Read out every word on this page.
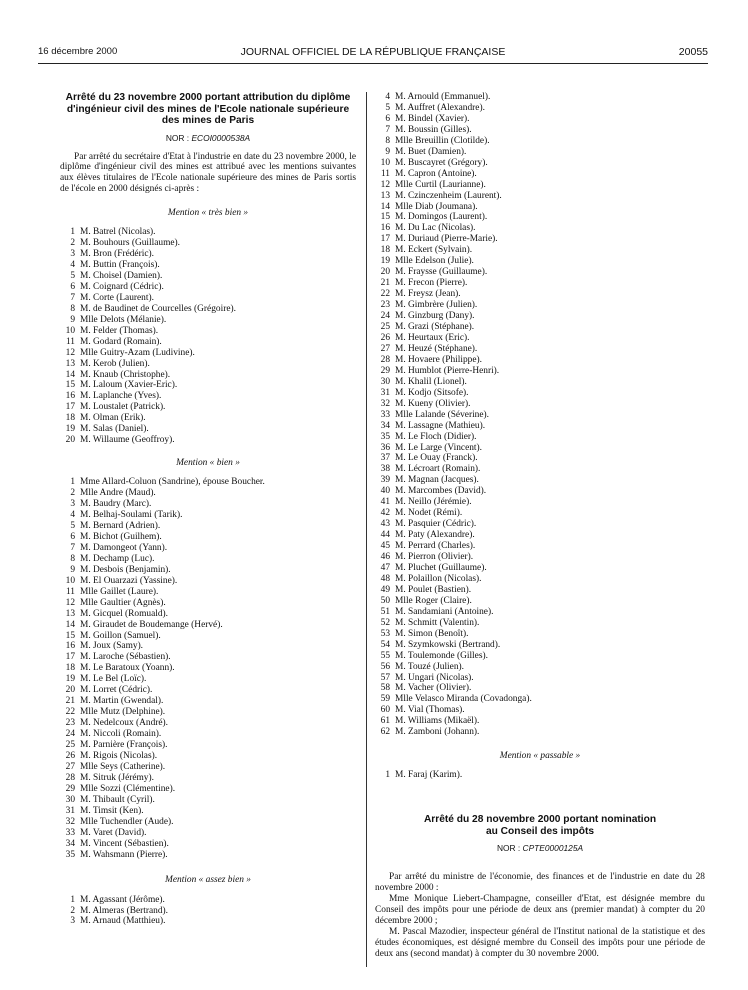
16 décembre 2000	JOURNAL OFFICIEL DE LA RÉPUBLIQUE FRANÇAISE	20055

Arrêté du 23 novembre 2000 portant attribution du diplôme d'ingénieur civil des mines de l'Ecole nationale supérieure des mines de Paris

NOR : ECOI0000538A

Par arrêté du secrétaire d'Etat à l'industrie en date du 23 novembre 2000, le diplôme d'ingénieur civil des mines est attribué avec les mentions suivantes aux élèves titulaires de l'Ecole nationale supérieure des mines de Paris sortis de l'école en 2000 désignés ci-après :

Mention « très bien »

1 M. Batrel (Nicolas).
2 M. Bouhours (Guillaume).
3 M. Bron (Frédéric).
4 M. Buttin (François).
5 M. Choisel (Damien).
6 M. Coignard (Cédric).
7 M. Corte (Laurent).
8 M. de Baudinet de Courcelles (Grégoire).
9 Mlle Delots (Mélanie).
10 M. Felder (Thomas).
11 M. Godard (Romain).
12 Mlle Guitry-Azam (Ludivine).
13 M. Kerob (Julien).
14 M. Knaub (Christophe).
15 M. Laloum (Xavier-Eric).
16 M. Laplanche (Yves).
17 M. Loustalet (Patrick).
18 M. Olman (Erik).
19 M. Salas (Daniel).
20 M. Willaume (Geoffroy).

Mention « bien »

1 Mme Allard-Coluon (Sandrine), épouse Boucher.
2 Mlle Andre (Maud).
3 M. Baudry (Marc).
4 M. Belhaj-Soulami (Tarik).
5 M. Bernard (Adrien).
6 M. Bichot (Guilhem).
7 M. Damongeot (Yann).
8 M. Dechamp (Luc).
9 M. Desbois (Benjamin).
10 M. El Ouarzazi (Yassine).
11 Mlle Gaillet (Laure).
12 Mlle Gaultier (Agnès).
13 M. Gicquel (Romuald).
14 M. Giraudet de Boudemange (Hervé).
15 M. Goillon (Samuel).
16 M. Joux (Samy).
17 M. Laroche (Sébastien).
18 M. Le Baratoux (Yoann).
19 M. Le Bel (Loïc).
20 M. Lorret (Cédric).
21 M. Martin (Gwendal).
22 Mlle Mutz (Delphine).
23 M. Nedelcoux (André).
24 M. Niccoli (Romain).
25 M. Parnière (François).
26 M. Rigois (Nicolas).
27 Mlle Seys (Catherine).
28 M. Sitruk (Jérémy).
29 Mlle Sozzi (Clémentine).
30 M. Thibault (Cyril).
31 M. Timsit (Ken).
32 Mlle Tuchendler (Aude).
33 M. Varet (David).
34 M. Vincent (Sébastien).
35 M. Wahsmann (Pierre).

Mention « assez bien »

1 M. Agassant (Jérôme).
2 M. Almeras (Bertrand).
3 M. Arnaud (Matthieu).
4 M. Arnould (Emmanuel).
5 M. Auffret (Alexandre).
6 M. Bindel (Xavier).
7 M. Boussin (Gilles).
8 Mlle Breuillin (Clotilde).
9 M. Buet (Damien).
10 M. Buscayret (Grégory).
11 M. Capron (Antoine).
12 Mlle Curtil (Laurianne).
13 M. Czinczenheim (Laurent).
14 Mlle Diab (Joumana).
15 M. Domingos (Laurent).
16 M. Du Lac (Nicolas).
17 M. Duriaud (Pierre-Marie).
18 M. Eckert (Sylvain).
19 Mlle Edelson (Julie).
20 M. Fraysse (Guillaume).
21 M. Frecon (Pierre).
22 M. Freysz (Jean).
23 M. Gimbrère (Julien).
24 M. Ginzburg (Dany).
25 M. Grazi (Stéphane).
26 M. Heurtaux (Eric).
27 M. Heuzé (Stéphane).
28 M. Hovaere (Philippe).
29 M. Humblot (Pierre-Henri).
30 M. Khalil (Lionel).
31 M. Kodjo (Sitsofe).
32 M. Kueny (Olivier).
33 Mlle Lalande (Séverine).
34 M. Lassagne (Mathieu).
35 M. Le Floch (Didier).
36 M. Le Large (Vincent).
37 M. Le Ouay (Franck).
38 M. Lécroart (Romain).
39 M. Magnan (Jacques).
40 M. Marcombes (David).
41 M. Neillo (Jérémie).
42 M. Nodet (Rémi).
43 M. Pasquier (Cédric).
44 M. Paty (Alexandre).
45 M. Perrard (Charles).
46 M. Pierron (Olivier).
47 M. Pluchet (Guillaume).
48 M. Polaillon (Nicolas).
49 M. Poulet (Bastien).
50 Mlle Roger (Claire).
51 M. Sandamiani (Antoine).
52 M. Schmitt (Valentin).
53 M. Simon (Benoît).
54 M. Szymkowski (Bertrand).
55 M. Toulemonde (Gilles).
56 M. Touzé (Julien).
57 M. Ungari (Nicolas).
58 M. Vacher (Olivier).
59 Mlle Velasco Miranda (Covadonga).
60 M. Vial (Thomas).
61 M. Williams (Mikaël).
62 M. Zamboni (Johann).

Mention « passable »

1 M. Faraj (Karim).

Arrêté du 28 novembre 2000 portant nomination au Conseil des impôts

NOR : CPTE0000125A

Par arrêté du ministre de l'économie, des finances et de l'industrie en date du 28 novembre 2000 :

Mme Monique Liebert-Champagne, conseiller d'Etat, est désignée membre du Conseil des impôts pour une période de deux ans (premier mandat) à compter du 20 décembre 2000 ;

M. Pascal Mazodier, inspecteur général de l'Institut national de la statistique et des études économiques, est désigné membre du Conseil des impôts pour une période de deux ans (second mandat) à compter du 30 novembre 2000.
